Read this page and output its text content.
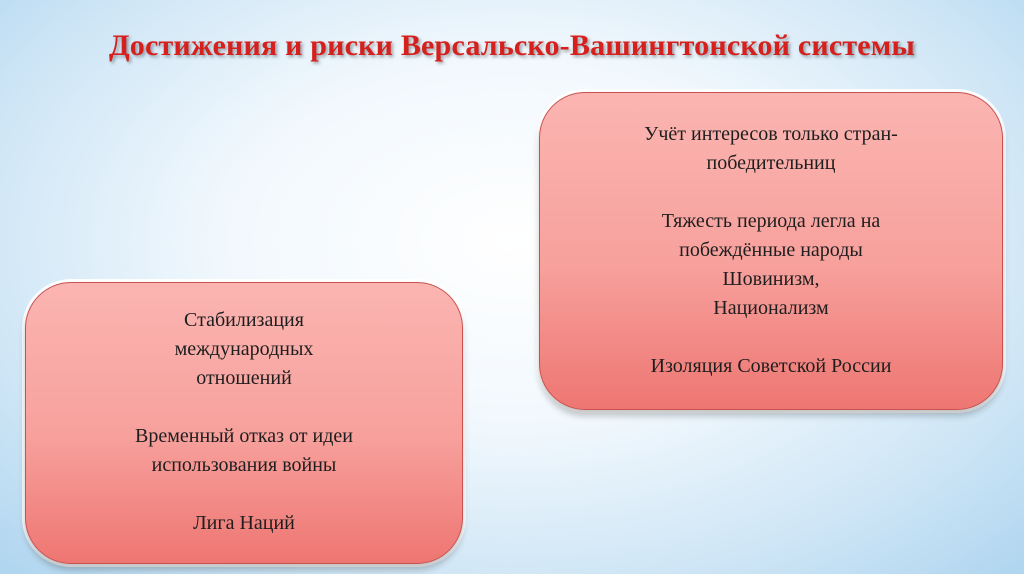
Достижения и риски Версальско-Вашингтонской системы
Стабилизация
международных
отношений
Временный отказ от идеи
использования войны
Лига Наций
Учёт интересов только стран-
победительниц
Тяжесть периода легла на
побеждённые народы
Шовинизм,
Национализм
Изоляция Советской России
